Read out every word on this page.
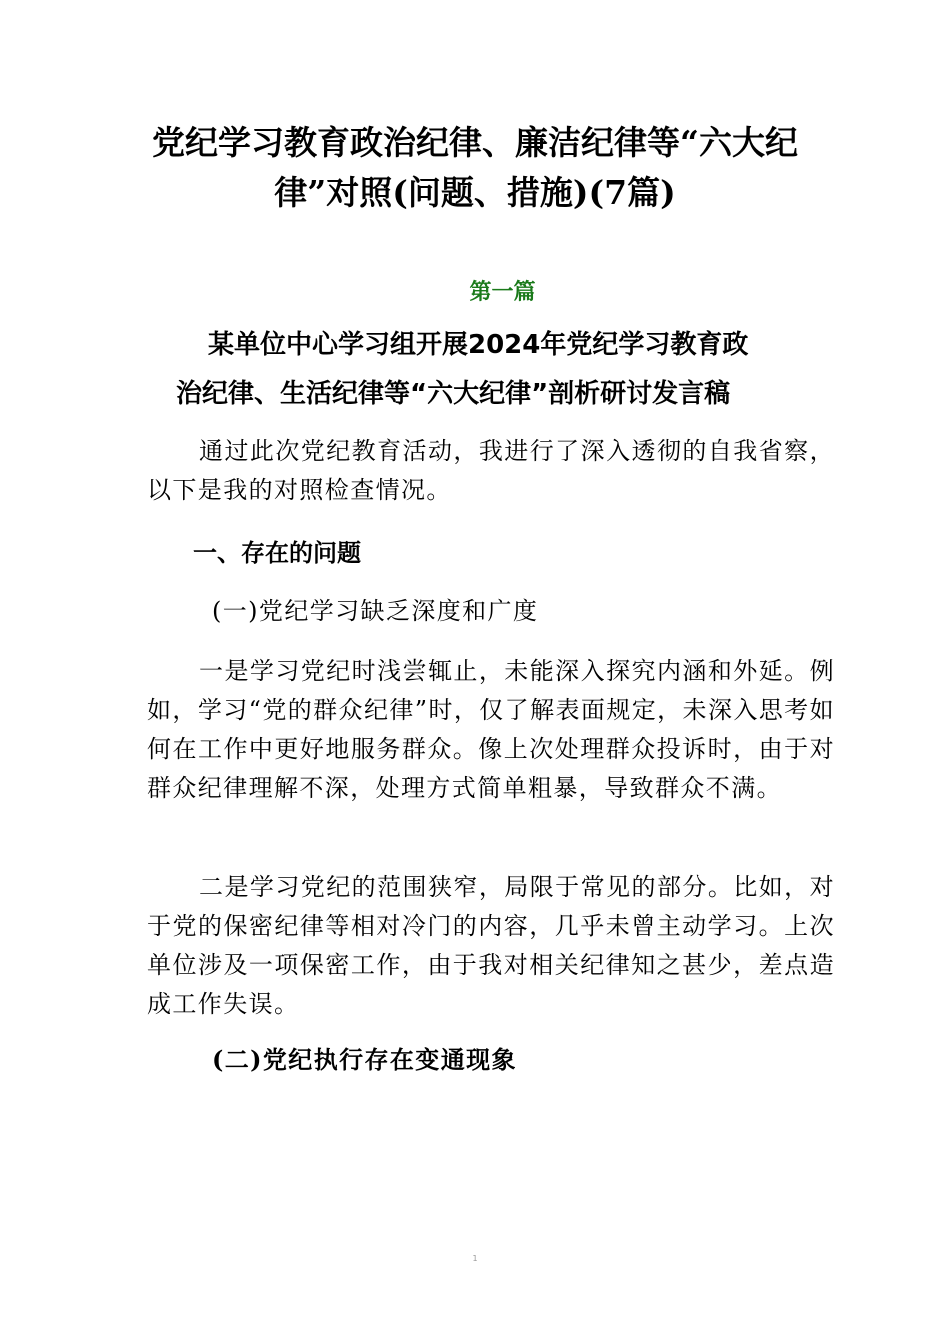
党纪学习教育政治纪律、廉洁纪律等“六大纪律”对照(问题、措施)(7篇)
第一篇
某单位中心学习组开展2024年党纪学习教育政
治纪律、生活纪律等“六大纪律”剖析研讨发言稿

通过此次党纪教育活动，我进行了深入透彻的自我省察，以下是我的对照检查情况。

一、存在的问题
(一)党纪学习缺乏深度和广度

一是学习党纪时浅尝辄止，未能深入探究内涵和外延。例如，学习“党的群众纪律”时，仅了解表面规定，未深入思考如何在工作中更好地服务群众。像上次处理群众投诉时，由于对群众纪律理解不深，处理方式简单粗暴，导致群众不满。

二是学习党纪的范围狭窄，局限于常见的部分。比如，对于党的保密纪律等相对冷门的内容，几乎未曾主动学习。上次单位涉及一项保密工作，由于我对相关纪律知之甚少，差点造成工作失误。

(二)党纪执行存在变通现象
1
